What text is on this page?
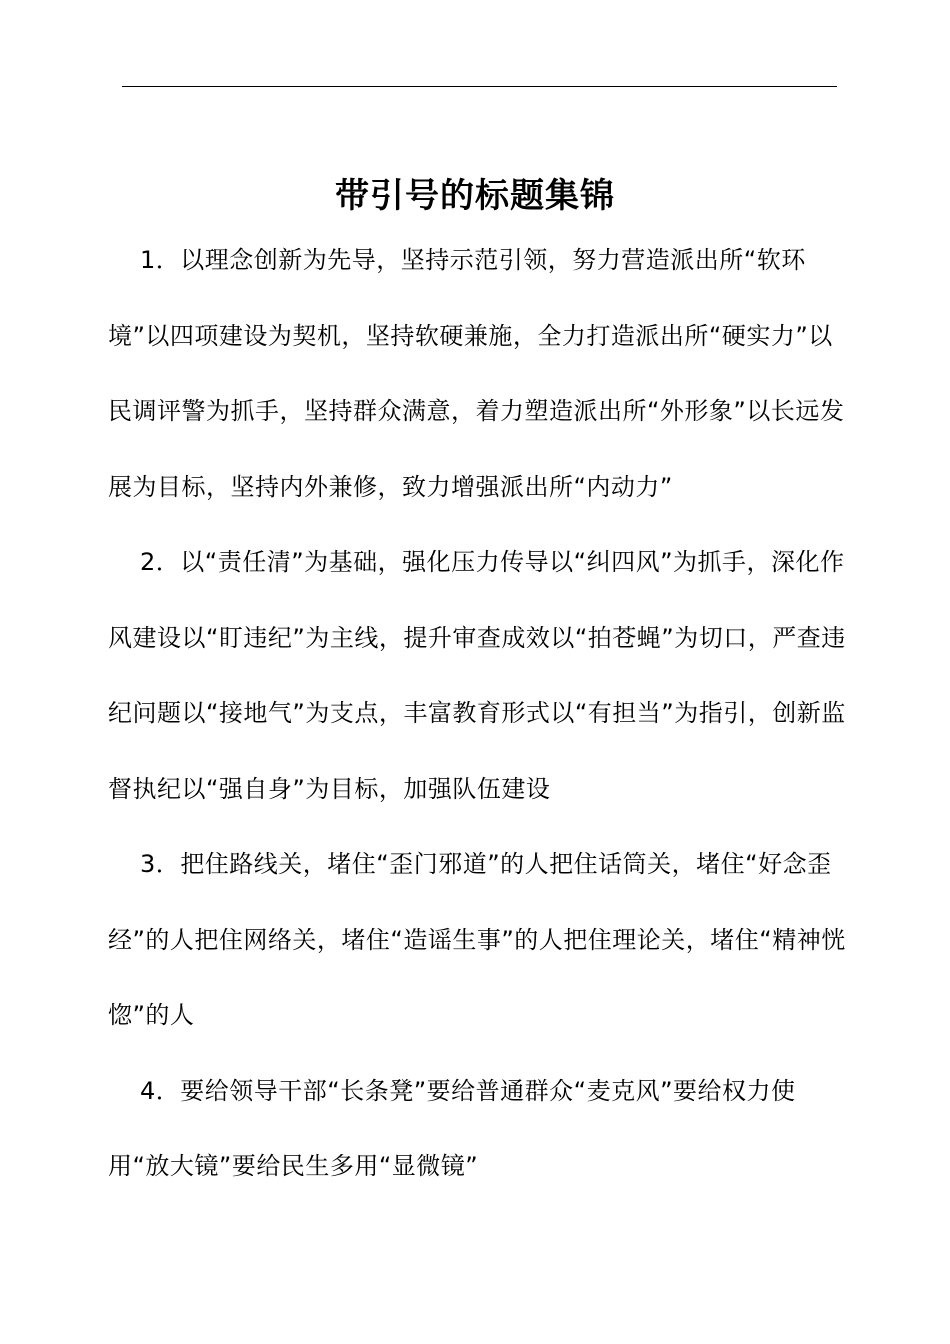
带引号的标题集锦

1．以理念创新为先导，坚持示范引领，努力营造派出所“软环境”以四项建设为契机，坚持软硬兼施，全力打造派出所“硬实力”以民调评警为抓手，坚持群众满意，着力塑造派出所“外形象”以长远发展为目标，坚持内外兼修，致力增强派出所“内动力”

2．以“责任清”为基础，强化压力传导以“纠四风”为抓手，深化作风建设以“盯违纪”为主线，提升审查成效以“拍苍蝇”为切口，严查违纪问题以“接地气”为支点，丰富教育形式以“有担当”为指引，创新监督执纪以“强自身”为目标，加强队伍建设

3．把住路线关，堵住“歪门邪道”的人把住话筒关，堵住“好念歪经”的人把住网络关，堵住“造谣生事”的人把住理论关，堵住“精神恍惚”的人

4．要给领导干部“长条凳”要给普通群众“麦克风”要给权力使用“放大镜”要给民生多用“显微镜”
